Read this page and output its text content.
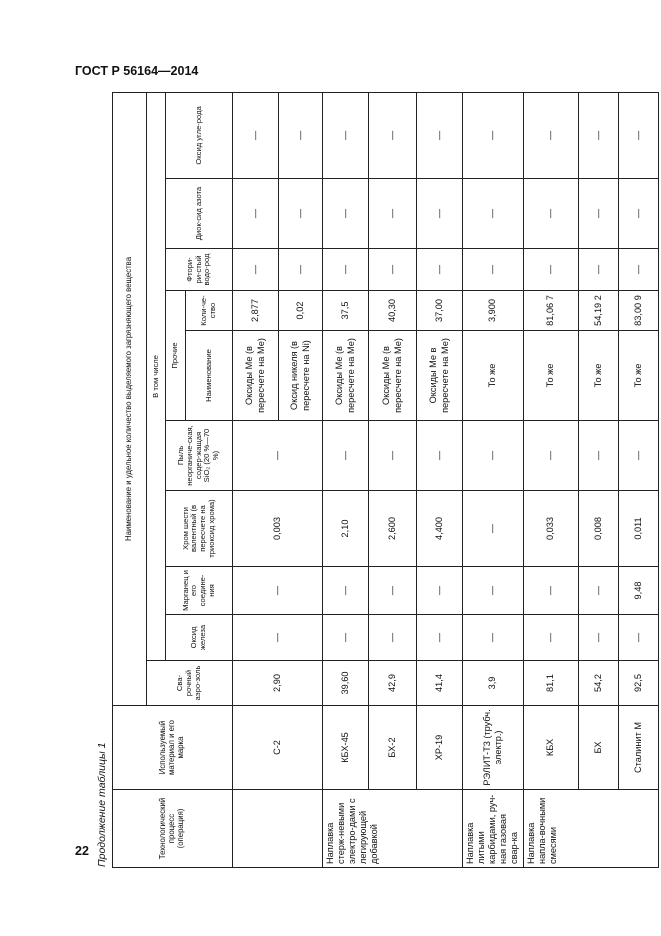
ГОСТ Р 56164—2014
Продолжение таблицы 1	Технологический процесс (операция)	Используемый материал и его марка	Наименование и удельное количество выделяемого загрязняющего вещества									
		Сва-рочный аэро-золь	В том числе								
			Оксид железа	Марганец и его соедине-ния	Хром шести валентный (в пересчете на триоксид хрома)	Пыль неорганиче-ская, содер-жащая SiO₂ (20 %—70 %)	Прочие		Фтори-ри-стый водо-род	Диок-сид азота	Оксид угле-рода
							Наименование	Коли-че-ство			
	С-2	2,90	—	—	0,003	—	Оксиды Ме (в пересчете на Ме)	2,877	—	—	—
							Оксид никеля (в пересчете на Ni)	0,02	—	—	—
Наплавка стерж-невыми электро-дами с легирующей добавкой	КБХ-45	39,60	—	—	2,10	—	Оксиды Ме (в пересчете на Ме)	37,5	—	—	—
	БХ-2	42,9	—	—	2,600	—	Оксиды Ме (в пересчете на Ме)	40,30	—	—	—
	ХР-19	41,4	—	—	4,400	—	Оксиды Ме в пересчете на Ме)	37,00	—	—	—
Наплавка литыми карбидами, руч-ная газовая свар-ка	РЭЛИТ-Т3 (трубч. электр.)	3,9	—	—	—	—	То же	3,900	—	—	—
Наплавка напла-вочными смесями	КБХ	81,1	—	—	0,033	—	То же	81,06 7	—	—	—
	БХ	54,2	—	—	0,008	—	То же	54,19 2	—	—	—
	Сталинит М	92,5	—	9,48	0,011	—	То же	83,00 9	—	—	—
22
